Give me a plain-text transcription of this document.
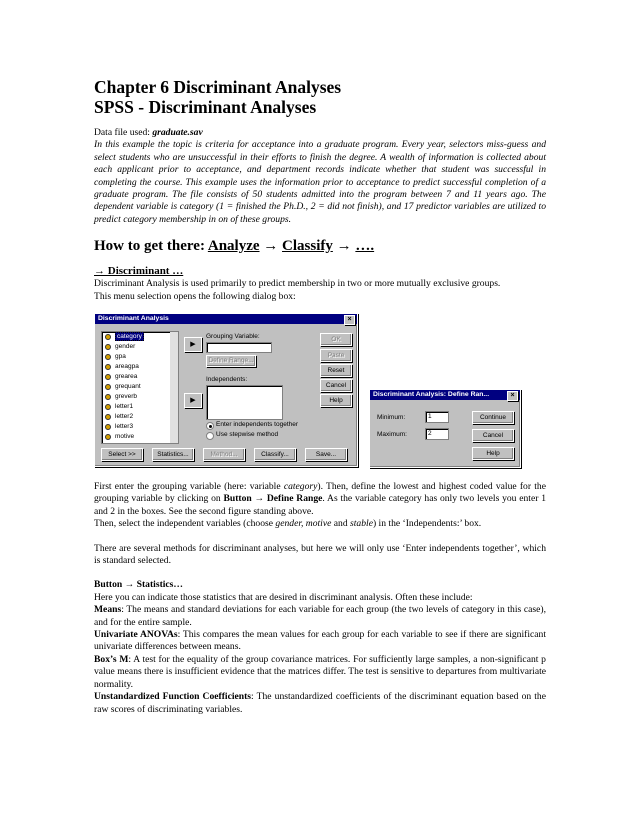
Chapter 6 Discriminant Analyses
SPSS - Discriminant Analyses

Data file used: graduate.sav

In this example the topic is criteria for acceptance into a graduate program. Every year, selectors miss-guess and select students who are unsuccessful in their efforts to finish the degree. A wealth of information is collected about each applicant prior to acceptance, and department records indicate whether that student was successful in completing the course. This example uses the information prior to acceptance to predict successful completion of a graduate program. The file consists of 50 students admitted into the program between 7 and 11 years ago. The dependent variable is category (1 = finished the Ph.D., 2 = did not finish), and 17 predictor variables are utilized to predict category membership in on of these groups.

How to get there: Analyze → Classify → ….

→ Discriminant …

Discriminant Analysis is used primarily to predict membership in two or more mutually exclusive groups.

This menu selection opens the following dialog box:

Discriminant Analysis	×
category
gender
gpa
areagpa
grearea
grequant
greverb
letter1
letter2
letter3
motive
▶
Grouping Variable:
Define Range...
Independents:
▶
Enter independents together
Use stepwise method
OK
Paste
Reset
Cancel
Help
Select >>	Statistics...	Method...	Classify...	Save...
Discriminant Analysis: Define Ran...	×
Minimum:	1
Maximum:	2
Continue
Cancel
Help

First enter the grouping variable (here: variable category). Then, define the lowest and highest coded value for the grouping variable by clicking on Button → Define Range. As the variable category has only two levels you enter 1 and 2 in the boxes. See the second figure standing above.

Then, select the independent variables (choose gender, motive and stable) in the ‘Independents:’ box.

There are several methods for discriminant analyses, but here we will only use ‘Enter independents together’, which is standard selected.

Button → Statistics…

Here you can indicate those statistics that are desired in discriminant analysis. Often these include:

Means: The means and standard deviations for each variable for each group (the two levels of category in this case), and for the entire sample.

Univariate ANOVAs: This compares the mean values for each group for each variable to see if there are significant univariate differences between means.

Box’s M: A test for the equality of the group covariance matrices. For sufficiently large samples, a non-significant p value means there is insufficient evidence that the matrices differ. The test is sensitive to departures from multivariate normality.

Unstandardized Function Coefficients: The unstandardized coefficients of the discriminant equation based on the raw scores of discriminating variables.
